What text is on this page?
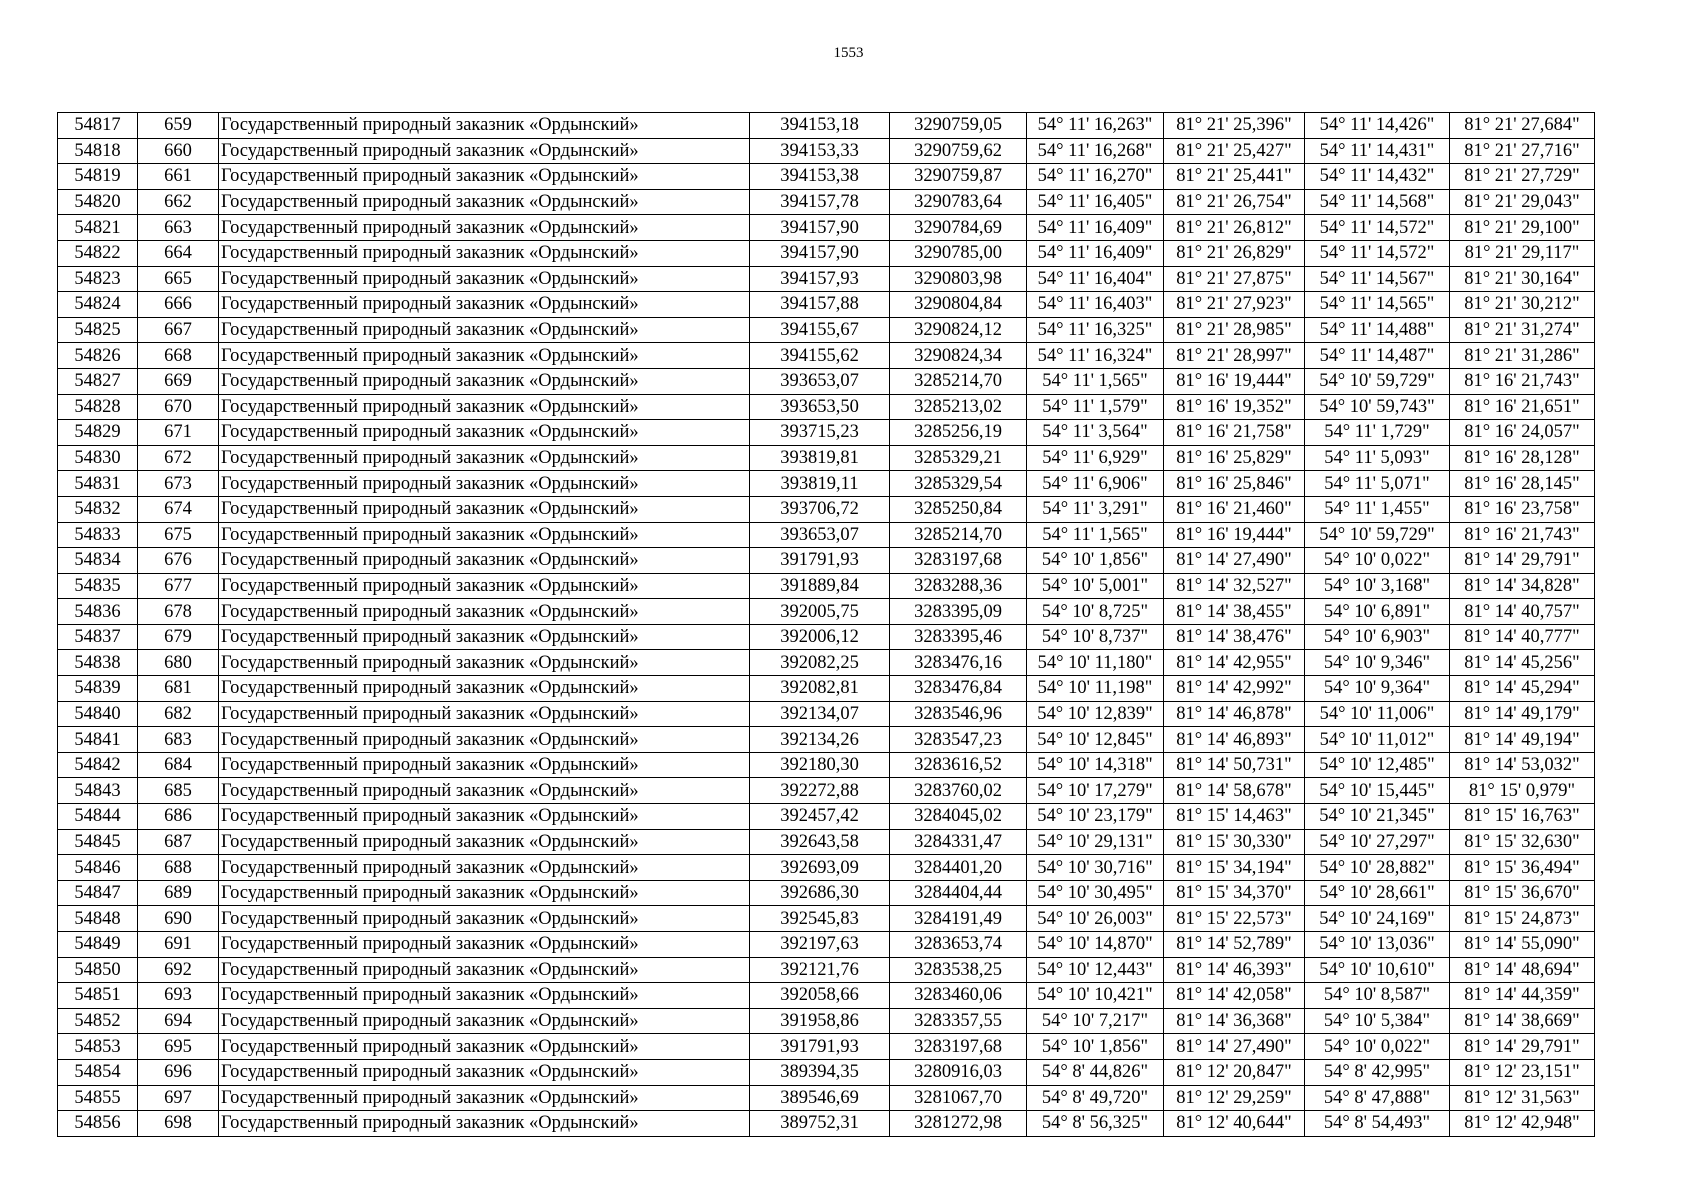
1553
54817	659	Государственный природный заказник «Ордынский»	394153,18	3290759,05	54° 11' 16,263"	81° 21' 25,396"	54° 11' 14,426"	81° 21' 27,684"
54818	660	Государственный природный заказник «Ордынский»	394153,33	3290759,62	54° 11' 16,268"	81° 21' 25,427"	54° 11' 14,431"	81° 21' 27,716"
54819	661	Государственный природный заказник «Ордынский»	394153,38	3290759,87	54° 11' 16,270"	81° 21' 25,441"	54° 11' 14,432"	81° 21' 27,729"
54820	662	Государственный природный заказник «Ордынский»	394157,78	3290783,64	54° 11' 16,405"	81° 21' 26,754"	54° 11' 14,568"	81° 21' 29,043"
54821	663	Государственный природный заказник «Ордынский»	394157,90	3290784,69	54° 11' 16,409"	81° 21' 26,812"	54° 11' 14,572"	81° 21' 29,100"
54822	664	Государственный природный заказник «Ордынский»	394157,90	3290785,00	54° 11' 16,409"	81° 21' 26,829"	54° 11' 14,572"	81° 21' 29,117"
54823	665	Государственный природный заказник «Ордынский»	394157,93	3290803,98	54° 11' 16,404"	81° 21' 27,875"	54° 11' 14,567"	81° 21' 30,164"
54824	666	Государственный природный заказник «Ордынский»	394157,88	3290804,84	54° 11' 16,403"	81° 21' 27,923"	54° 11' 14,565"	81° 21' 30,212"
54825	667	Государственный природный заказник «Ордынский»	394155,67	3290824,12	54° 11' 16,325"	81° 21' 28,985"	54° 11' 14,488"	81° 21' 31,274"
54826	668	Государственный природный заказник «Ордынский»	394155,62	3290824,34	54° 11' 16,324"	81° 21' 28,997"	54° 11' 14,487"	81° 21' 31,286"
54827	669	Государственный природный заказник «Ордынский»	393653,07	3285214,70	54° 11' 1,565"	81° 16' 19,444"	54° 10' 59,729"	81° 16' 21,743"
54828	670	Государственный природный заказник «Ордынский»	393653,50	3285213,02	54° 11' 1,579"	81° 16' 19,352"	54° 10' 59,743"	81° 16' 21,651"
54829	671	Государственный природный заказник «Ордынский»	393715,23	3285256,19	54° 11' 3,564"	81° 16' 21,758"	54° 11' 1,729"	81° 16' 24,057"
54830	672	Государственный природный заказник «Ордынский»	393819,81	3285329,21	54° 11' 6,929"	81° 16' 25,829"	54° 11' 5,093"	81° 16' 28,128"
54831	673	Государственный природный заказник «Ордынский»	393819,11	3285329,54	54° 11' 6,906"	81° 16' 25,846"	54° 11' 5,071"	81° 16' 28,145"
54832	674	Государственный природный заказник «Ордынский»	393706,72	3285250,84	54° 11' 3,291"	81° 16' 21,460"	54° 11' 1,455"	81° 16' 23,758"
54833	675	Государственный природный заказник «Ордынский»	393653,07	3285214,70	54° 11' 1,565"	81° 16' 19,444"	54° 10' 59,729"	81° 16' 21,743"
54834	676	Государственный природный заказник «Ордынский»	391791,93	3283197,68	54° 10' 1,856"	81° 14' 27,490"	54° 10' 0,022"	81° 14' 29,791"
54835	677	Государственный природный заказник «Ордынский»	391889,84	3283288,36	54° 10' 5,001"	81° 14' 32,527"	54° 10' 3,168"	81° 14' 34,828"
54836	678	Государственный природный заказник «Ордынский»	392005,75	3283395,09	54° 10' 8,725"	81° 14' 38,455"	54° 10' 6,891"	81° 14' 40,757"
54837	679	Государственный природный заказник «Ордынский»	392006,12	3283395,46	54° 10' 8,737"	81° 14' 38,476"	54° 10' 6,903"	81° 14' 40,777"
54838	680	Государственный природный заказник «Ордынский»	392082,25	3283476,16	54° 10' 11,180"	81° 14' 42,955"	54° 10' 9,346"	81° 14' 45,256"
54839	681	Государственный природный заказник «Ордынский»	392082,81	3283476,84	54° 10' 11,198"	81° 14' 42,992"	54° 10' 9,364"	81° 14' 45,294"
54840	682	Государственный природный заказник «Ордынский»	392134,07	3283546,96	54° 10' 12,839"	81° 14' 46,878"	54° 10' 11,006"	81° 14' 49,179"
54841	683	Государственный природный заказник «Ордынский»	392134,26	3283547,23	54° 10' 12,845"	81° 14' 46,893"	54° 10' 11,012"	81° 14' 49,194"
54842	684	Государственный природный заказник «Ордынский»	392180,30	3283616,52	54° 10' 14,318"	81° 14' 50,731"	54° 10' 12,485"	81° 14' 53,032"
54843	685	Государственный природный заказник «Ордынский»	392272,88	3283760,02	54° 10' 17,279"	81° 14' 58,678"	54° 10' 15,445"	81° 15' 0,979"
54844	686	Государственный природный заказник «Ордынский»	392457,42	3284045,02	54° 10' 23,179"	81° 15' 14,463"	54° 10' 21,345"	81° 15' 16,763"
54845	687	Государственный природный заказник «Ордынский»	392643,58	3284331,47	54° 10' 29,131"	81° 15' 30,330"	54° 10' 27,297"	81° 15' 32,630"
54846	688	Государственный природный заказник «Ордынский»	392693,09	3284401,20	54° 10' 30,716"	81° 15' 34,194"	54° 10' 28,882"	81° 15' 36,494"
54847	689	Государственный природный заказник «Ордынский»	392686,30	3284404,44	54° 10' 30,495"	81° 15' 34,370"	54° 10' 28,661"	81° 15' 36,670"
54848	690	Государственный природный заказник «Ордынский»	392545,83	3284191,49	54° 10' 26,003"	81° 15' 22,573"	54° 10' 24,169"	81° 15' 24,873"
54849	691	Государственный природный заказник «Ордынский»	392197,63	3283653,74	54° 10' 14,870"	81° 14' 52,789"	54° 10' 13,036"	81° 14' 55,090"
54850	692	Государственный природный заказник «Ордынский»	392121,76	3283538,25	54° 10' 12,443"	81° 14' 46,393"	54° 10' 10,610"	81° 14' 48,694"
54851	693	Государственный природный заказник «Ордынский»	392058,66	3283460,06	54° 10' 10,421"	81° 14' 42,058"	54° 10' 8,587"	81° 14' 44,359"
54852	694	Государственный природный заказник «Ордынский»	391958,86	3283357,55	54° 10' 7,217"	81° 14' 36,368"	54° 10' 5,384"	81° 14' 38,669"
54853	695	Государственный природный заказник «Ордынский»	391791,93	3283197,68	54° 10' 1,856"	81° 14' 27,490"	54° 10' 0,022"	81° 14' 29,791"
54854	696	Государственный природный заказник «Ордынский»	389394,35	3280916,03	54° 8' 44,826"	81° 12' 20,847"	54° 8' 42,995"	81° 12' 23,151"
54855	697	Государственный природный заказник «Ордынский»	389546,69	3281067,70	54° 8' 49,720"	81° 12' 29,259"	54° 8' 47,888"	81° 12' 31,563"
54856	698	Государственный природный заказник «Ордынский»	389752,31	3281272,98	54° 8' 56,325"	81° 12' 40,644"	54° 8' 54,493"	81° 12' 42,948"
